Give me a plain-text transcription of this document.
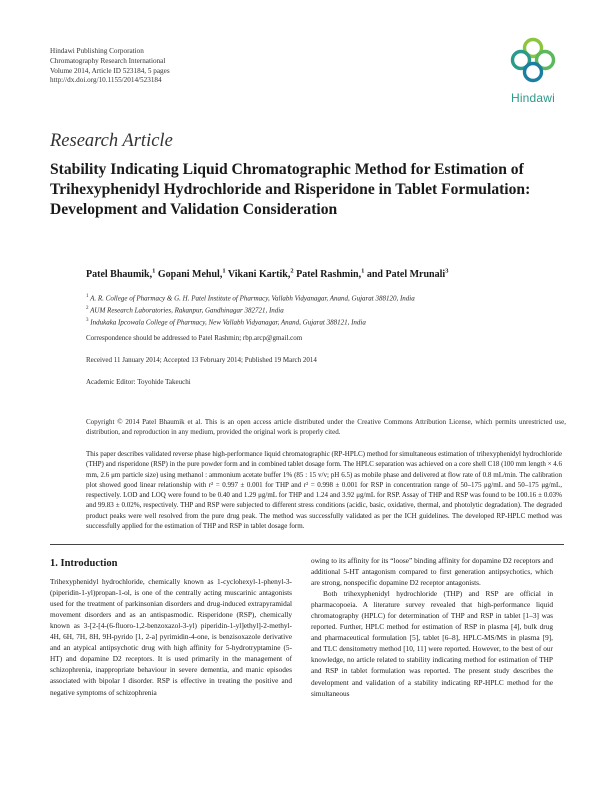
Hindawi Publishing Corporation
Chromatography Research International
Volume 2014, Article ID 523184, 5 pages
http://dx.doi.org/10.1155/2014/523184
Hindawi
Research Article
Stability Indicating Liquid Chromatographic Method for Estimation of Trihexyphenidyl Hydrochloride and Risperidone in Tablet Formulation: Development and Validation Consideration
Patel Bhaumik,$^1$ Gopani Mehul,$^1$ Vikani Kartik,$^2$ Patel Rashmin,$^1$ and Patel Mrunali$^3$
$^1$ A. R. College of Pharmacy & G. H. Patel Institute of Pharmacy, Vallabh Vidyanagar, Anand, Gujarat 388120, India
$^2$ AUM Research Laboratories, Rakanpur, Gandhinagar 382721, India
$^3$ Indukaka Ipcowala College of Pharmacy, New Vallabh Vidyanagar, Anand, Gujarat 388121, India
Correspondence should be addressed to Patel Rashmin; rbp.arcp@gmail.com
Received 11 January 2014; Accepted 13 February 2014; Published 19 March 2014
Academic Editor: Toyohide Takeuchi
Copyright © 2014 Patel Bhaumik et al. This is an open access article distributed under the Creative Commons Attribution License, which permits unrestricted use, distribution, and reproduction in any medium, provided the original work is properly cited.
This paper describes validated reverse phase high-performance liquid chromatographic (RP-HPLC) method for simultaneous estimation of trihexyphenidyl hydrochloride (THP) and risperidone (RSP) in the pure powder form and in combined tablet dosage form. The HPLC separation was achieved on a core shell C18 (100 mm length × 4.6 mm, 2.6 μm particle size) using methanol : ammonium acetate buffer 1% (85 : 15 v/v; pH 6.5) as mobile phase and delivered at flow rate of 0.8 mL/min. The calibration plot showed good linear relationship with r² = 0.997 ± 0.001 for THP and r² = 0.998 ± 0.001 for RSP in concentration range of 50–175 μg/mL and 50–175 μg/mL, respectively. LOD and LOQ were found to be 0.40 and 1.29 μg/mL for THP and 1.24 and 3.92 μg/mL for RSP. Assay of THP and RSP was found to be 100.16 ± 0.03% and 99.83 ± 0.02%, respectively. THP and RSP were subjected to different stress conditions (acidic, basic, oxidative, thermal, and photolytic degradation). The degraded product peaks were well resolved from the pure drug peak. The method was successfully validated as per the ICH guidelines. The developed RP-HPLC method was successfully applied for the estimation of THP and RSP in tablet dosage form.
1. Introduction

Trihexyphenidyl hydrochloride, chemically known as 1-cyclohexyl-1-phenyl-3-(piperidin-1-yl)propan-1-ol, is one of the centrally acting muscarinic antagonists used for the treatment of parkinsonian disorders and drug-induced extrapyramidal movement disorders and as an antispasmodic. Risperidone (RSP), chemically known as 3-[2-[4-(6-fluoro-1,2-benzoxazol-3-yl) piperidin-1-yl]ethyl]-2-methyl-4H, 6H, 7H, 8H, 9H-pyrido [1, 2-a] pyrimidin-4-one, is benzisoxazole derivative and an atypical antipsychotic drug with high affinity for 5-hydrotryptamine (5-HT) and dopamine D2 receptors. It is used primarily in the management of schizophrenia, inappropriate behaviour in severe dementia, and manic episodes associated with bipolar I disorder. RSP is effective in treating the positive and negative symptoms of schizophrenia

owing to its affinity for its “loose” binding affinity for dopamine D2 receptors and additional 5-HT antagonism compared to first generation antipsychotics, which are strong, nonspecific dopamine D2 receptor antagonists.

Both trihexyphenidyl hydrochloride (THP) and RSP are official in pharmacopoeia. A literature survey revealed that high-performance liquid chromatography (HPLC) for determination of THP and RSP in tablet [1–3] was reported. Further, HPLC method for estimation of RSP in plasma [4], bulk drug and pharmaceutical formulation [5], tablet [6–8], HPLC-MS/MS in plasma [9], and TLC densitometry method [10, 11] were reported. However, to the best of our knowledge, no article related to stability indicating method for estimation of THP and RSP in tablet formulation was reported. The present study describes the development and validation of a stability indicating RP-HPLC method for the simultaneous
